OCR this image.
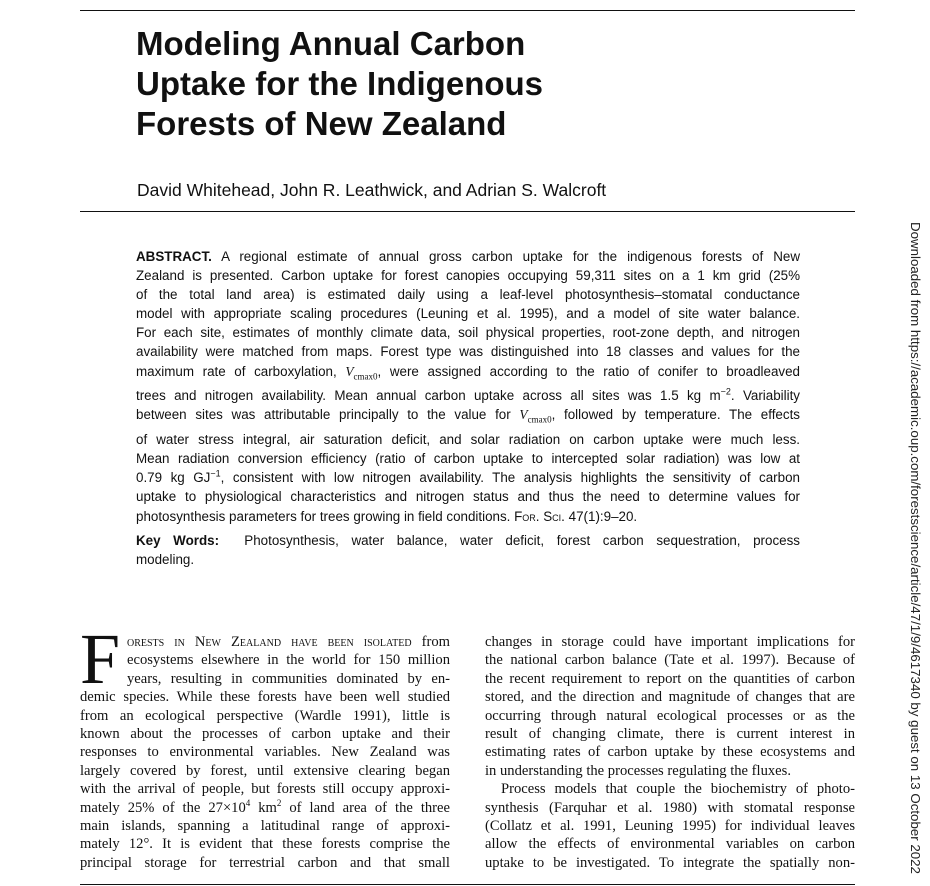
Modeling Annual Carbon
Uptake for the Indigenous
Forests of New Zealand
David Whitehead, John R. Leathwick, and Adrian S. Walcroft
ABSTRACT. A regional estimate of annual gross carbon uptake for the indigenous forests of New
Zealand is presented. Carbon uptake for forest canopies occupying 59,311 sites on a 1 km grid (25%
of the total land area) is estimated daily using a leaf-level photosynthesis–stomatal conductance
model with appropriate scaling procedures (Leuning et al. 1995), and a model of site water balance.
For each site, estimates of monthly climate data, soil physical properties, root-zone depth, and nitrogen
availability were matched from maps. Forest type was distinguished into 18 classes and values for the
maximum rate of carboxylation, $V_{cmax0}$, were assigned according to the ratio of conifer to broadleaved
trees and nitrogen availability. Mean annual carbon uptake across all sites was 1.5 kg $m^{-2}$. Variability
between sites was attributable principally to the value for $V_{cmax0}$, followed by temperature. The effects
of water stress integral, air saturation deficit, and solar radiation on carbon uptake were much less.
Mean radiation conversion efficiency (ratio of carbon uptake to intercepted solar radiation) was low at
0.79 kg $GJ^{-1}$, consistent with low nitrogen availability. The analysis highlights the sensitivity of carbon
uptake to physiological characteristics and nitrogen status and thus the need to determine values for
photosynthesis parameters for trees growing in field conditions. For. Sci. 47(1):9–20.
Key Words: Photosynthesis, water balance, water deficit, forest carbon sequestration, process
modeling.
F orests in New Zealand have been isolated from
ecosystems elsewhere in the world for 150 million
years, resulting in communities dominated by en-
demic species. While these forests have been well studied
from an ecological perspective (Wardle 1991), little is
known about the processes of carbon uptake and their
responses to environmental variables. New Zealand was
largely covered by forest, until extensive clearing began
with the arrival of people, but forests still occupy approxi-
mately 25% of the $27\times 10^4$ $km^2$ of land area of the three
main islands, spanning a latitudinal range of approxi-
mately 12°. It is evident that these forests comprise the
principal storage for terrestrial carbon and that small
changes in storage could have important implications for
the national carbon balance (Tate et al. 1997). Because of
the recent requirement to report on the quantities of carbon
stored, and the direction and magnitude of changes that are
occurring through natural ecological processes or as the
result of changing climate, there is current interest in
estimating rates of carbon uptake by these ecosystems and
in understanding the processes regulating the fluxes.
Process models that couple the biochemistry of photo-
synthesis (Farquhar et al. 1980) with stomatal response
(Collatz et al. 1991, Leuning 1995) for individual leaves
allow the effects of environmental variables on carbon
uptake to be investigated. To integrate the spatially non-	Downloaded from https://academic.oup.com/forestscience/article/47/1/9/4617340 by guest on 13 October 2022
